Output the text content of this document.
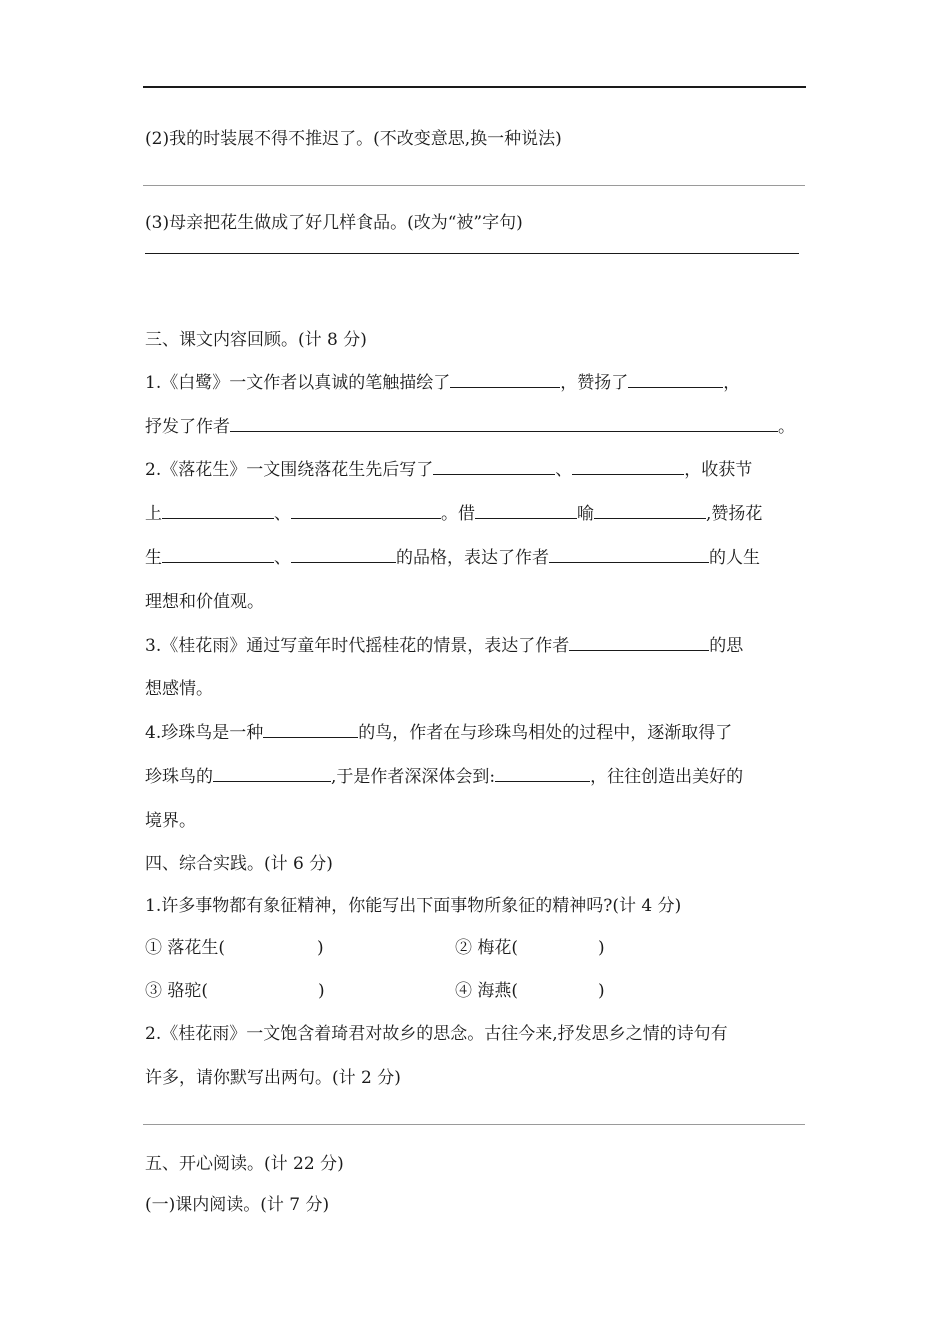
(2)我的时装展不得不推迟了。(不改变意思,换一种说法)
(3)母亲把花生做成了好几样食品。(改为“被”字句)
三、课文内容回顾。(计 8 分)
1.《白鹭》一文作者以真诚的笔触描绘了	，赞扬了	，
抒发了作者	。
2.《落花生》一文围绕落花生先后写了	、	，收获节
上	、	。借	喻	,赞扬花
生	、	的品格，表达了作者	的人生
理想和价值观。
3.《桂花雨》通过写童年时代摇桂花的情景，表达了作者	的思
想感情。
4.珍珠鸟是一种	的鸟，作者在与珍珠鸟相处的过程中，逐渐取得了
珍珠鸟的	,于是作者深深体会到:	，往往创造出美好的
境界。
四、综合实践。(计 6 分)
1.许多事物都有象征精神，你能写出下面事物所象征的精神吗?(计 4 分)
① 落花生(	)	② 梅花(	)
③ 骆驼(	)	④ 海燕(	)
2.《桂花雨》一文饱含着琦君对故乡的思念。古往今来,抒发思乡之情的诗句有
许多，请你默写出两句。(计 2 分)
五、开心阅读。(计 22 分)
(一)课内阅读。(计 7 分)
